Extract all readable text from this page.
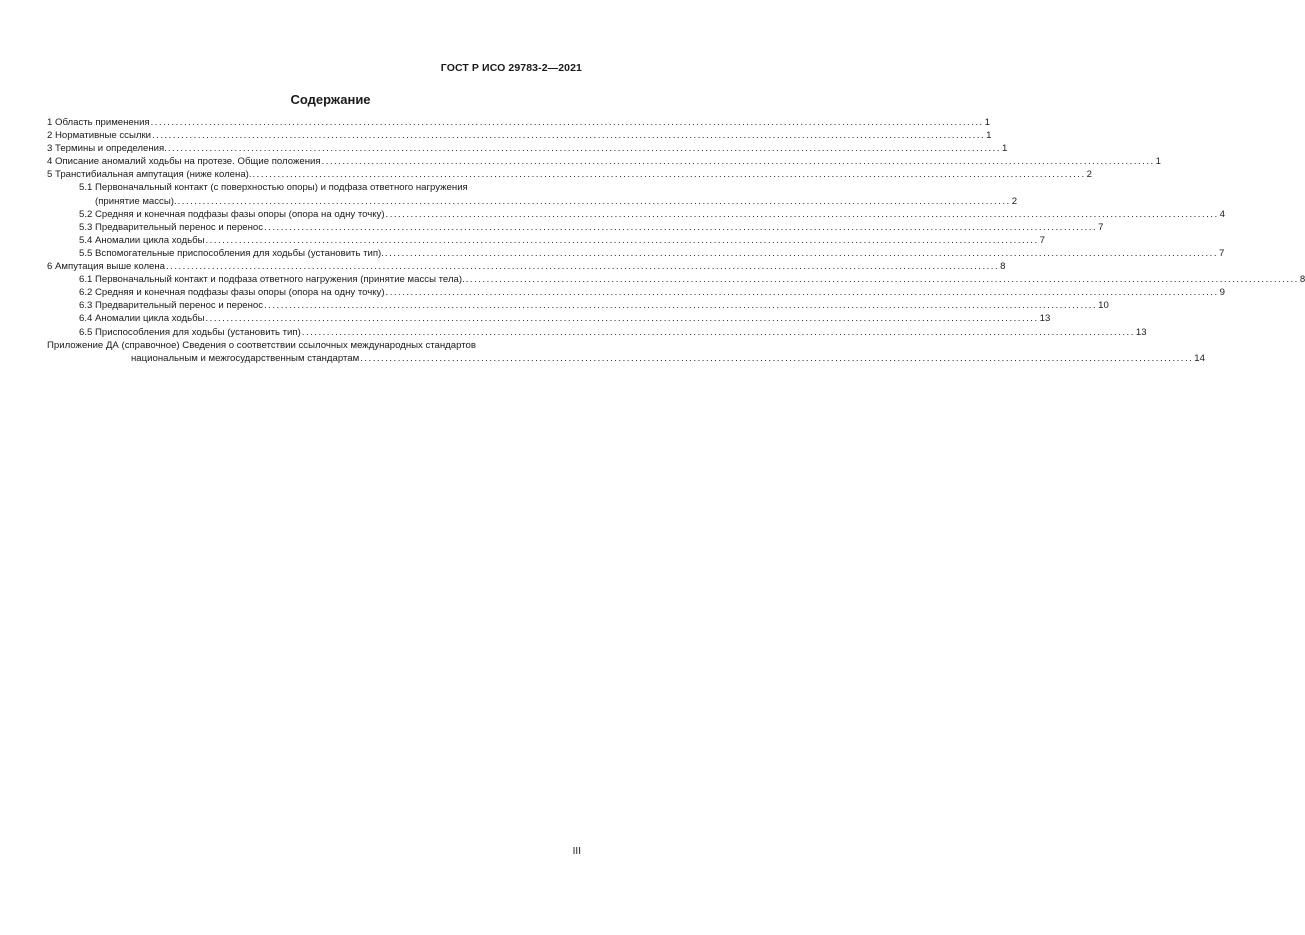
ГОСТ Р ИСО 29783-2—2021
Содержание
1 Область применения ........................................................................................................................................................................................................ 1
2 Нормативные ссылки ........................................................................................................................................................................................................ 1
3 Термины и определения. ........................................................................................................................................................................................................ 1
4 Описание аномалий ходьбы на протезе. Общие положения ........................................................................................................................................................................................................ 1
5 Транстибиальная ампутация (ниже колена). ........................................................................................................................................................................................................ 2
5.1 Первоначальный контакт (с поверхностью опоры) и подфаза ответного нагружения
(принятие массы). ........................................................................................................................................................................................................ 2
5.2 Средняя и конечная подфазы фазы опоры (опора на одну точку) ........................................................................................................................................................................................................ 4
5.3 Предварительный перенос и перенос ........................................................................................................................................................................................................ 7
5.4 Аномалии цикла ходьбы ........................................................................................................................................................................................................ 7
5.5 Вспомогательные приспособления для ходьбы (установить тип). ........................................................................................................................................................................................................ 7
6 Ампутация выше колена ........................................................................................................................................................................................................ 8
6.1 Первоначальный контакт и подфаза ответного нагружения (принятие массы тела). ........................................................................................................................................................................................................ 8
6.2 Средняя и конечная подфазы фазы опоры (опора на одну точку) ........................................................................................................................................................................................................ 9
6.3 Предварительный перенос и перенос ........................................................................................................................................................................................................ 10
6.4 Аномалии цикла ходьбы ........................................................................................................................................................................................................ 13
6.5 Приспособления для ходьбы (установить тип) ........................................................................................................................................................................................................ 13
Приложение ДА (справочное) Сведения о соответствии ссылочных международных стандартов
национальным и межгосударственным стандартам ........................................................................................................................................................................................................ 14
III
